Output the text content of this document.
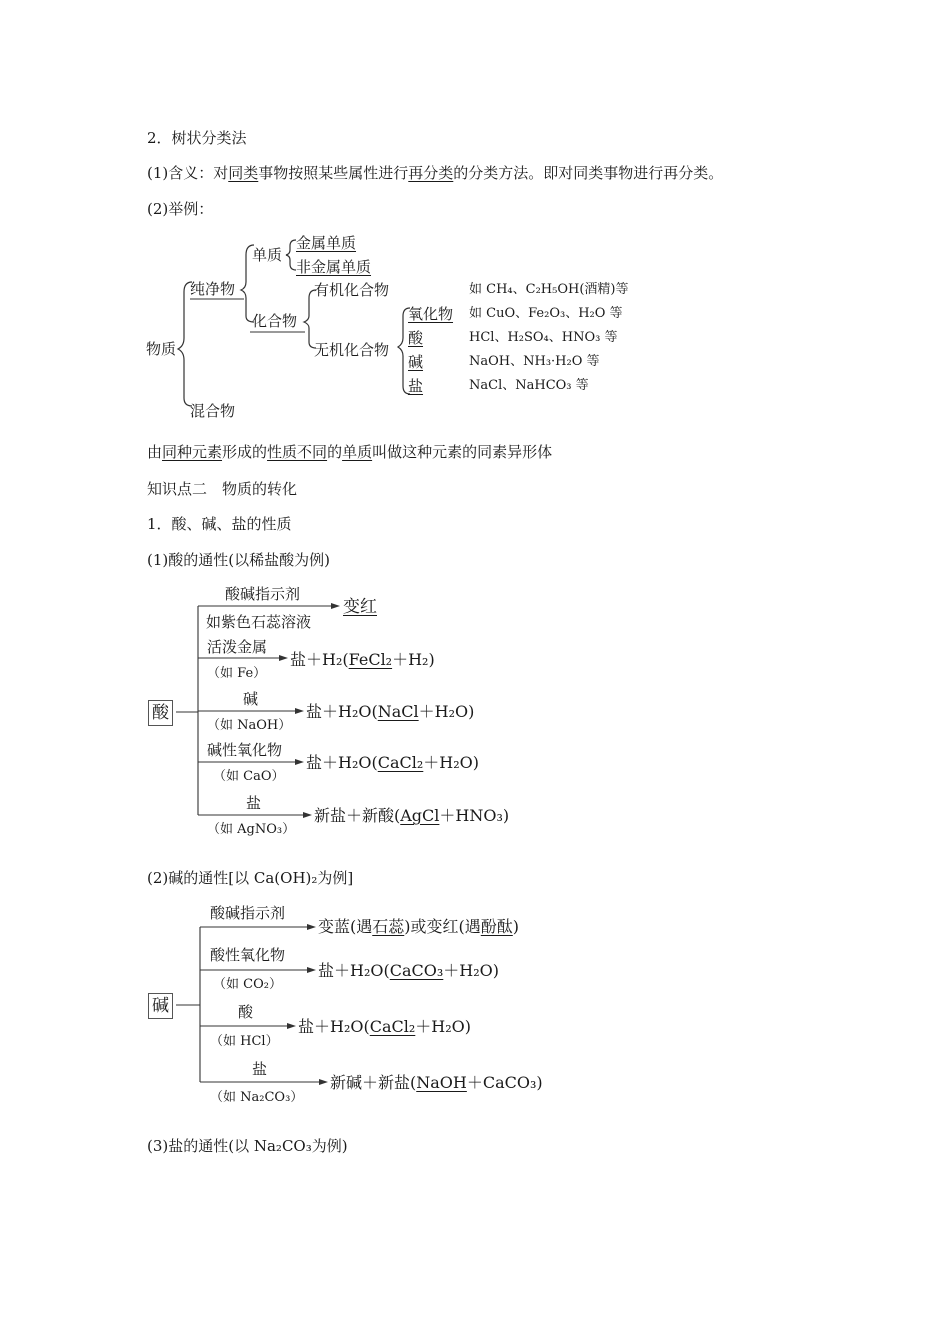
2．树状分类法
(1)含义：对同类事物按照某些属性进行再分类的分类方法。即对同类事物进行再分类。
(2)举例：
物质
纯净物
混合物
单质
金属单质
非金属单质
化合物
有机化合物
无机化合物
氧化物
酸
碱
盐
如 CH₄、C₂H₅OH(酒精)等
如 CuO、Fe₂O₃、H₂O 等
HCl、H₂SO₄、HNO₃ 等
NaOH、NH₃·H₂O 等
NaCl、NaHCO₃ 等
由同种元素形成的性质不同的单质叫做这种元素的同素异形体
知识点二　物质的转化
1．酸、碱、盐的性质
(1)酸的通性(以稀盐酸为例)
酸
酸碱指示剂
如紫色石蕊溶液
变红
活泼金属
（如 Fe）
盐＋H₂(FeCl₂＋H₂)
碱
（如 NaOH）
盐＋H₂O(NaCl＋H₂O)
碱性氧化物
（如 CaO）
盐＋H₂O(CaCl₂＋H₂O)
盐
（如 AgNO₃）
新盐＋新酸(AgCl＋HNO₃)
(2)碱的通性[以 Ca(OH)₂为例]
碱
酸碱指示剂
变蓝(遇石蕊)或变红(遇酚酞)
酸性氧化物
（如 CO₂）
盐＋H₂O(CaCO₃＋H₂O)
酸
（如 HCl）
盐＋H₂O(CaCl₂＋H₂O)
盐
（如 Na₂CO₃）
新碱＋新盐(NaOH＋CaCO₃)
(3)盐的通性(以 Na₂CO₃为例)
